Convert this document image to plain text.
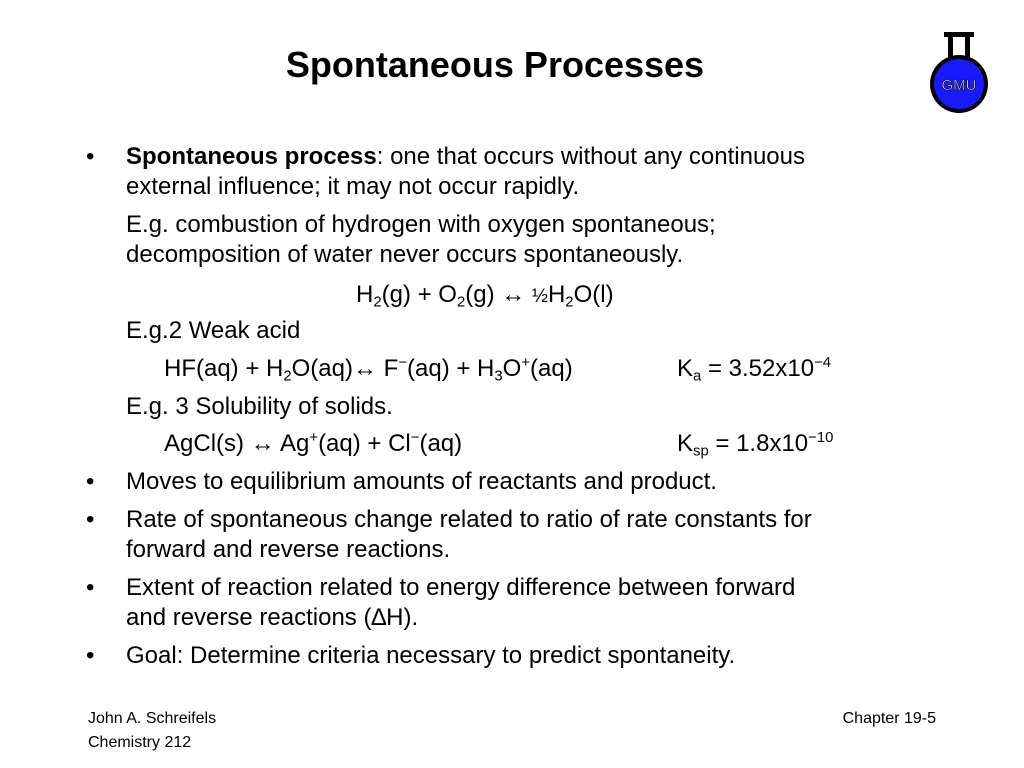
Spontaneous Processes
GMU
• Spontaneous process: one that occurs without any continuous
external influence; it may not occur rapidly.
E.g. combustion of hydrogen with oxygen spontaneous;
decomposition of water never occurs spontaneously.
$H_2(g) + O_2(g)$ ↔ $\frac{1}{2}H_2O(l)$
E.g.2 Weak acid
$HF(aq) + H_2O(aq)\leftrightarrow$ $F^-(aq) + H_3O^+(aq)$	$K_a = 3.52x10^{-4}$
E.g. 3 Solubility of solids.
AgCl(s) ↔ Ag+(aq) + Cl−(aq)	$K_{sp} = 1.8x10^{-10}$
• Moves to equilibrium amounts of reactants and product.
• Rate of spontaneous change related to ratio of rate constants for
forward and reverse reactions.
• Extent of reaction related to energy difference between forward
and reverse reactions (∆H).
• Goal: Determine criteria necessary to predict spontaneity.
John A. Schreifels
Chemistry 212
Chapter 19-5
